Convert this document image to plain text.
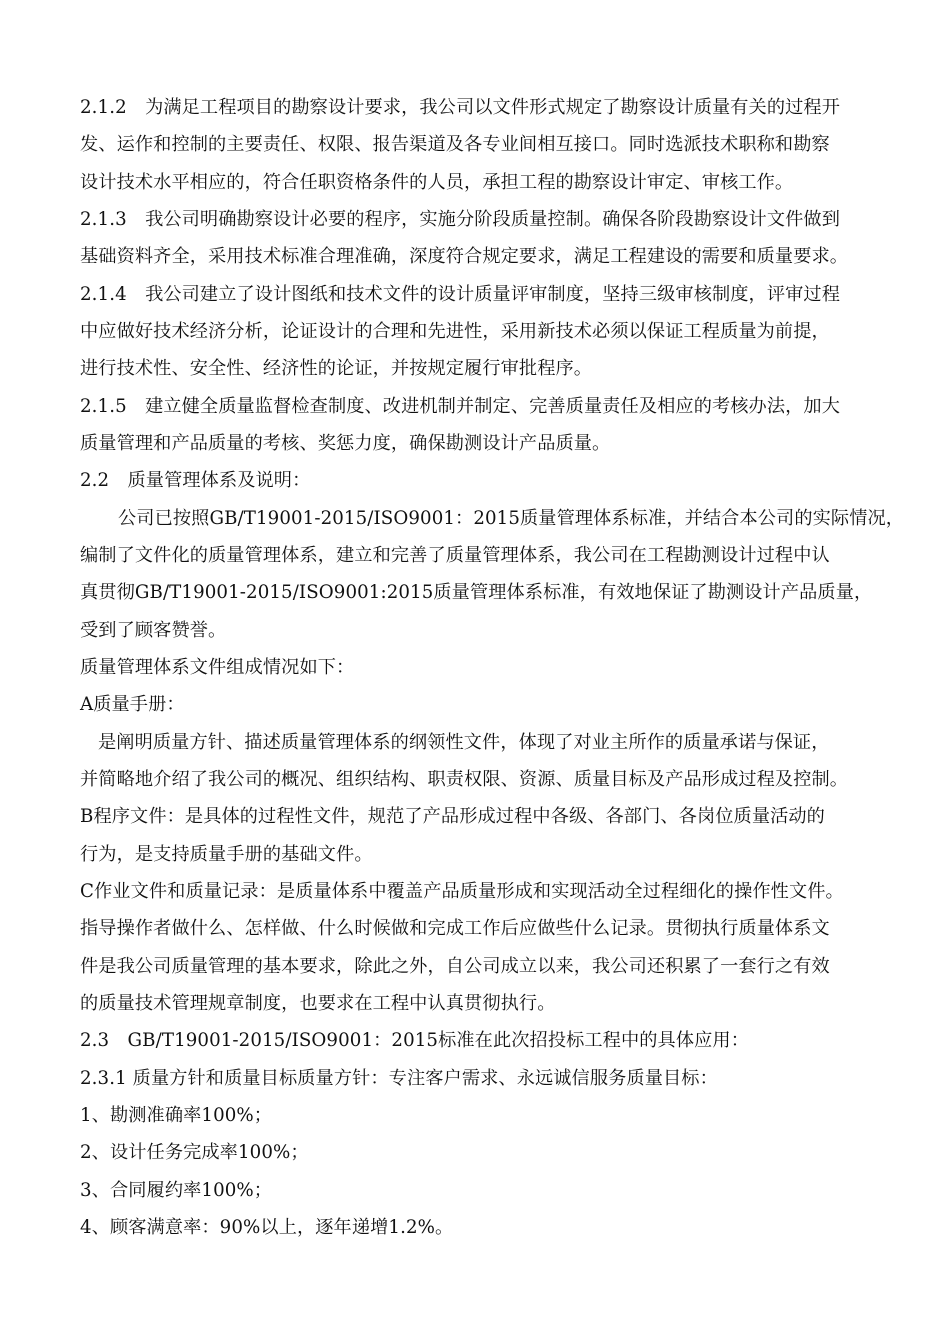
2.1.2　为满足工程项目的勘察设计要求，我公司以文件形式规定了勘察设计质量有关的过程开
发、运作和控制的主要责任、权限、报告渠道及各专业间相互接口。同时选派技术职称和勘察
设计技术水平相应的，符合任职资格条件的人员，承担工程的勘察设计审定、审核工作。
2.1.3　我公司明确勘察设计必要的程序，实施分阶段质量控制。确保各阶段勘察设计文件做到
基础资料齐全，采用技术标准合理准确，深度符合规定要求，满足工程建设的需要和质量要求。
2.1.4　我公司建立了设计图纸和技术文件的设计质量评审制度，坚持三级审核制度，评审过程
中应做好技术经济分析，论证设计的合理和先进性，采用新技术必须以保证工程质量为前提，
进行技术性、安全性、经济性的论证，并按规定履行审批程序。
2.1.5　建立健全质量监督检查制度、改进机制并制定、完善质量责任及相应的考核办法，加大
质量管理和产品质量的考核、奖惩力度，确保勘测设计产品质量。
2.2　质量管理体系及说明：
公司已按照GB/T19001-2015/ISO9001：2015质量管理体系标准，并结合本公司的实际情况，
编制了文件化的质量管理体系，建立和完善了质量管理体系，我公司在工程勘测设计过程中认
真贯彻GB/T19001-2015/ISO9001:2015质量管理体系标准，有效地保证了勘测设计产品质量，
受到了顾客赞誉。
质量管理体系文件组成情况如下：
A质量手册：
是阐明质量方针、描述质量管理体系的纲领性文件，体现了对业主所作的质量承诺与保证，
并简略地介绍了我公司的概况、组织结构、职责权限、资源、质量目标及产品形成过程及控制。
B程序文件：是具体的过程性文件，规范了产品形成过程中各级、各部门、各岗位质量活动的
行为，是支持质量手册的基础文件。
C作业文件和质量记录：是质量体系中覆盖产品质量形成和实现活动全过程细化的操作性文件。
指导操作者做什么、怎样做、什么时候做和完成工作后应做些什么记录。贯彻执行质量体系文
件是我公司质量管理的基本要求，除此之外，自公司成立以来，我公司还积累了一套行之有效
的质量技术管理规章制度，也要求在工程中认真贯彻执行。
2.3　GB/T19001-2015/ISO9001：2015标准在此次招投标工程中的具体应用：
2.3.1 质量方针和质量目标质量方针：专注客户需求、永远诚信服务质量目标：
1、勘测准确率100%；
2、设计任务完成率100%；
3、合同履约率100%；
4、顾客满意率：90%以上，逐年递增1.2%。
